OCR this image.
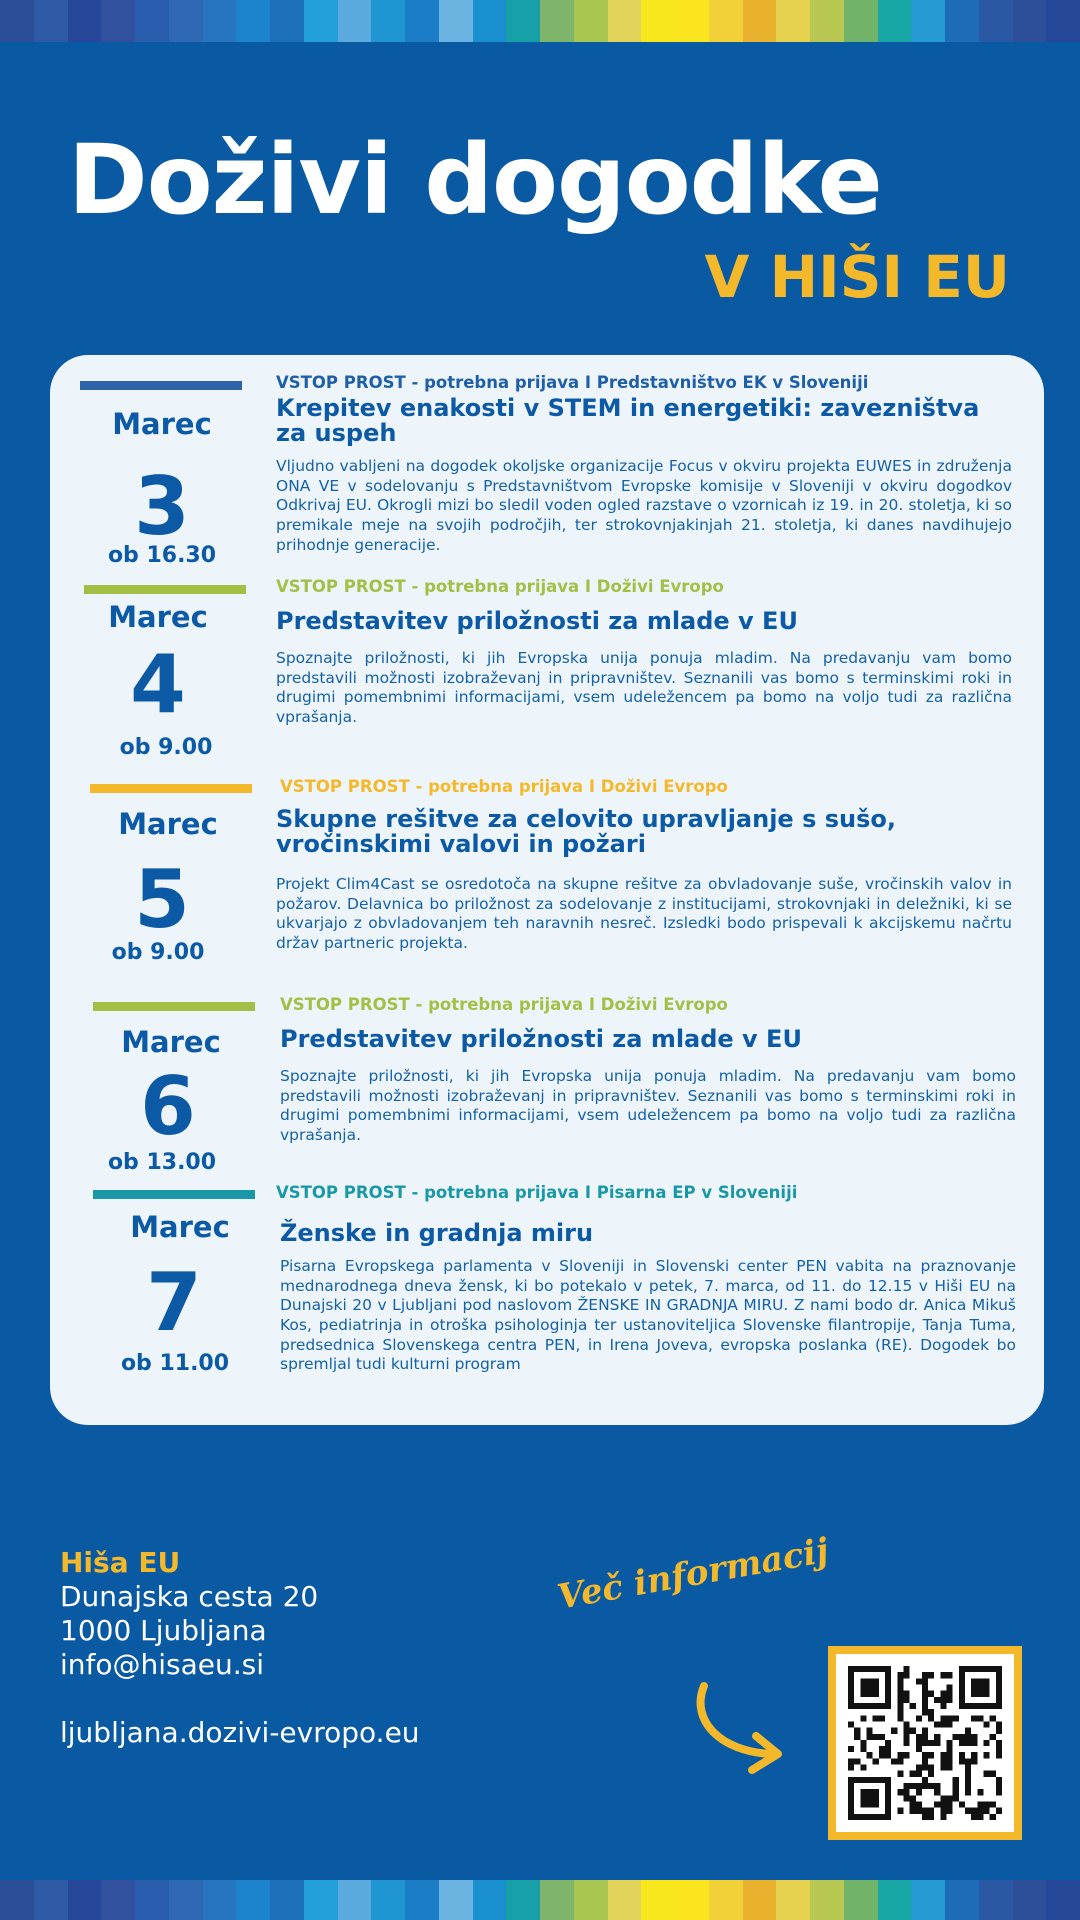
Doživi dogodke
V HIŠI EU
Marec
3
ob 16.30
VSTOP PROST - potrebna prijava I Predstavništvo EK v Sloveniji
Krepitev enakosti v STEM in energetiki: zavezništva za uspeh
Vljudno vabljeni na dogodek okoljske organizacije Focus v okviru projekta EUWES in združenja ONA VE v sodelovanju s Predstavništvom Evropske komisije v Sloveniji v okviru dogodkov Odkrivaj EU. Okrogli mizi bo sledil voden ogled razstave o vzornicah iz 19. in 20. stoletja, ki so premikale meje na svojih področjih, ter strokovnjakinjah 21. stoletja, ki danes navdihujejo prihodnje generacije.
Marec
4
ob 9.00
VSTOP PROST - potrebna prijava I Doživi Evropo
Predstavitev priložnosti za mlade v EU
Spoznajte priložnosti, ki jih Evropska unija ponuja mladim. Na predavanju vam bomo predstavili možnosti izobraževanj in pripravništev. Seznanili vas bomo s terminskimi roki in drugimi pomembnimi informacijami, vsem udeležencem pa bomo na voljo tudi za različna vprašanja.
Marec
5
ob 9.00
VSTOP PROST - potrebna prijava I Doživi Evropo
Skupne rešitve za celovito upravljanje s sušo, vročinskimi valovi in požari
Projekt Clim4Cast se osredotoča na skupne rešitve za obvladovanje suše, vročinskih valov in požarov. Delavnica bo priložnost za sodelovanje z institucijami, strokovnjaki in deležniki, ki se ukvarjajo z obvladovanjem teh naravnih nesreč. Izsledki bodo prispevali k akcijskemu načrtu držav partneric projekta.
Marec
6
ob 13.00
VSTOP PROST - potrebna prijava I Doživi Evropo
Predstavitev priložnosti za mlade v EU
Spoznajte priložnosti, ki jih Evropska unija ponuja mladim. Na predavanju vam bomo predstavili možnosti izobraževanj in pripravništev. Seznanili vas bomo s terminskimi roki in drugimi pomembnimi informacijami, vsem udeležencem pa bomo na voljo tudi za različna vprašanja.
Marec
7
ob 11.00
VSTOP PROST - potrebna prijava I Pisarna EP v Sloveniji
Ženske in gradnja miru
Pisarna Evropskega parlamenta v Sloveniji in Slovenski center PEN vabita na praznovanje mednarodnega dneva žensk, ki bo potekalo v petek, 7. marca, od 11. do 12.15 v Hiši EU na Dunajski 20 v Ljubljani pod naslovom ŽENSKE IN GRADNJA MIRU. Z nami bodo dr. Anica Mikuš Kos, pediatrinja in otroška psihologinja ter ustanoviteljica Slovenske filantropije, Tanja Tuma, predsednica Slovenskega centra PEN, in Irena Joveva, evropska poslanka (RE). Dogodek bo spremljal tudi kulturni program
Hiša EU
Dunajska cesta 20
1000 Ljubljana
info@hisaeu.si
ljubljana.dozivi-evropo.eu
Več informacij
